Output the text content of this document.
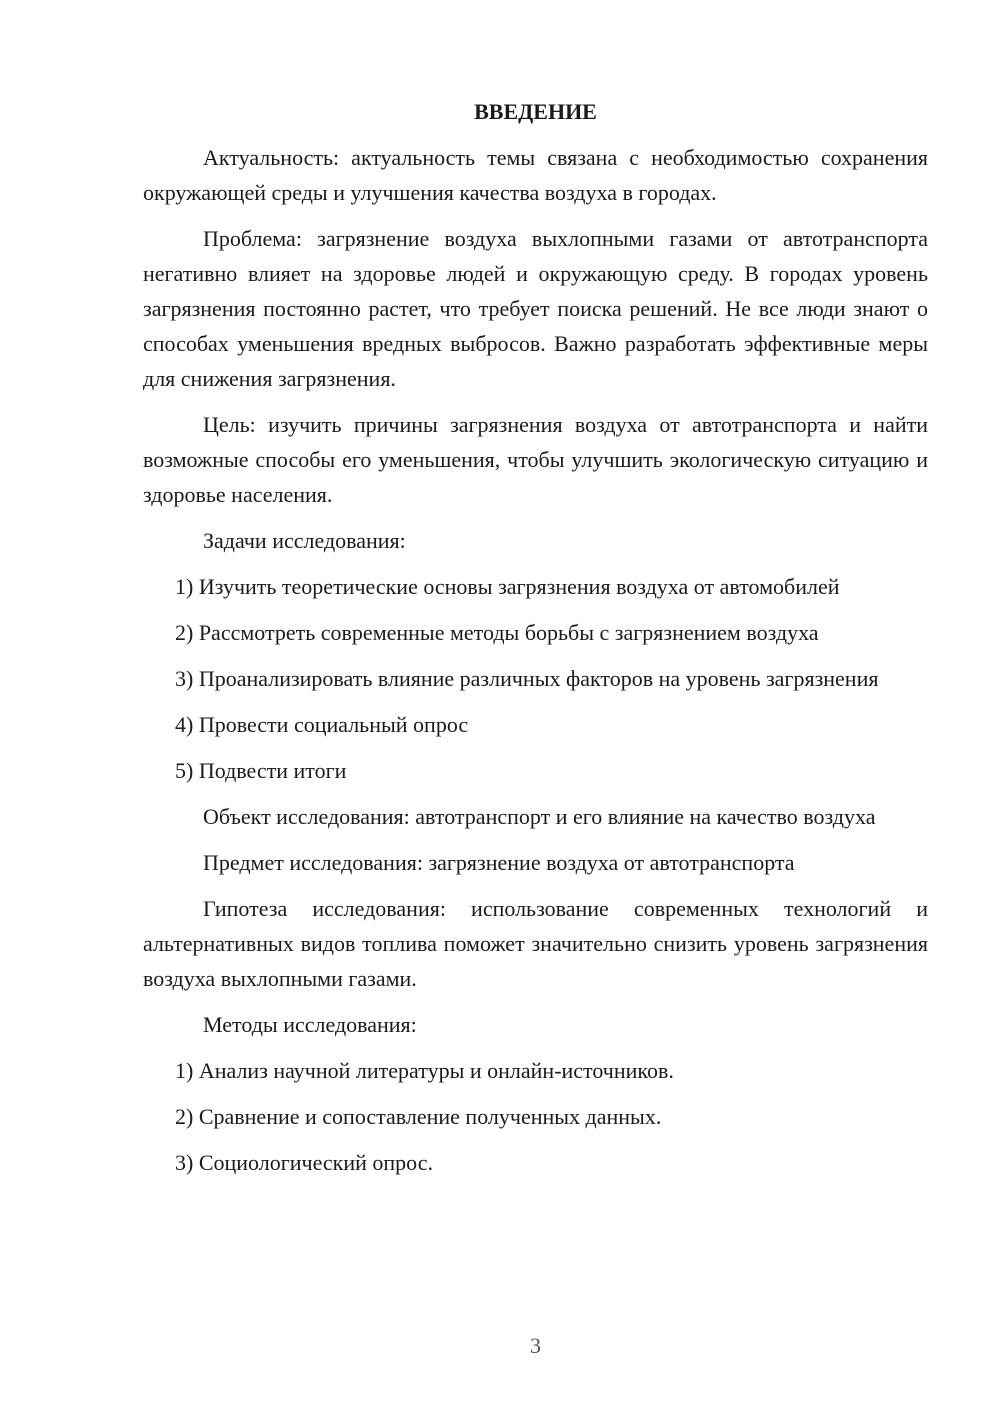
ВВЕДЕНИЕ

Актуальность: актуальность темы связана с необходимостью сохранения окружающей среды и улучшения качества воздуха в городах.

Проблема: загрязнение воздуха выхлопными газами от автотранспорта негативно влияет на здоровье людей и окружающую среду. В городах уровень загрязнения постоянно растет, что требует поиска решений. Не все люди знают о способах уменьшения вредных выбросов. Важно разработать эффективные меры для снижения загрязнения.

Цель: изучить причины загрязнения воздуха от автотранспорта и найти возможные способы его уменьшения, чтобы улучшить экологическую ситуацию и здоровье населения.

Задачи исследования:

1) Изучить теоретические основы загрязнения воздуха от автомобилей

2) Рассмотреть современные методы борьбы с загрязнением воздуха

3) Проанализировать влияние различных факторов на уровень загрязнения

4) Провести социальный опрос

5) Подвести итоги

Объект исследования: автотранспорт и его влияние на качество воздуха

Предмет исследования: загрязнение воздуха от автотранспорта

Гипотеза исследования: использование современных технологий и альтернативных видов топлива поможет значительно снизить уровень загрязнения воздуха выхлопными газами.

Методы исследования:

1) Анализ научной литературы и онлайн-источников.

2) Сравнение и сопоставление полученных данных.

3) Социологический опрос.

3
